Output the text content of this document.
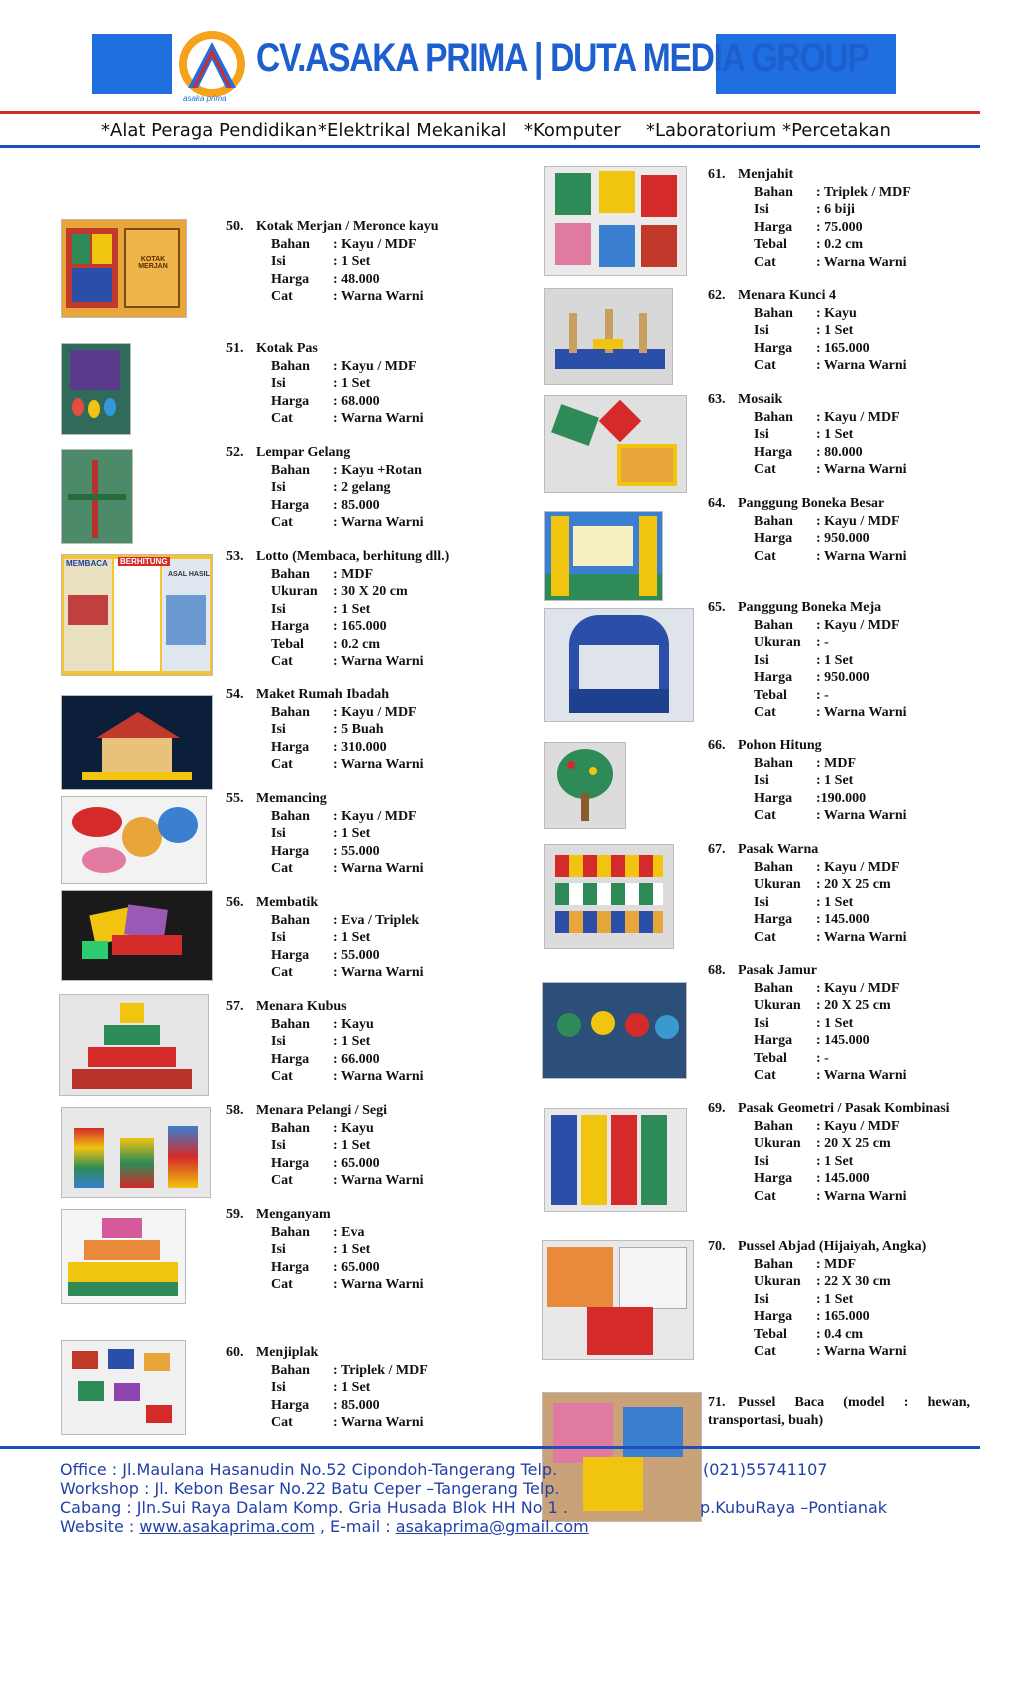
asaka prima
CV.ASAKA PRIMA | DUTA MEDIA GROUP
*Alat Peraga Pendidikan *Elektrikal Mekanikal *Komputer *Laboratorium *Percetakan
KOTAK MERJAN
MEMBACA BERHITUNG
ASAL HASIL
50. Kotak Merjan / Meronce kayu
Bahan	: Kayu / MDF
Isi	: 1 Set
Harga	: 48.000
Cat	: Warna Warni
51. Kotak Pas
Bahan	: Kayu / MDF
Isi	: 1 Set
Harga	: 68.000
Cat	: Warna Warni
52. Lempar Gelang
Bahan	: Kayu +Rotan
Isi	: 2 gelang
Harga	: 85.000
Cat	: Warna Warni
53. Lotto (Membaca, berhitung dll.)
Bahan	: MDF
Ukuran	: 30 X 20 cm
Isi	: 1 Set
Harga	: 165.000
Tebal	: 0.2 cm
Cat	: Warna Warni
54. Maket Rumah Ibadah
Bahan	: Kayu / MDF
Isi	: 5 Buah
Harga	: 310.000
Cat	: Warna Warni
55. Memancing
Bahan	: Kayu / MDF
Isi	: 1 Set
Harga	: 55.000
Cat	: Warna Warni
56. Membatik
Bahan	: Eva / Triplek
Isi	: 1 Set
Harga	: 55.000
Cat	: Warna Warni
57. Menara Kubus
Bahan	: Kayu
Isi	: 1 Set
Harga	: 66.000
Cat	: Warna Warni
58. Menara Pelangi / Segi
Bahan	: Kayu
Isi	: 1 Set
Harga	: 65.000
Cat	: Warna Warni
59. Menganyam
Bahan	: Eva
Isi	: 1 Set
Harga	: 65.000
Cat	: Warna Warni
60. Menjiplak
Bahan	: Triplek / MDF
Isi	: 1 Set
Harga	: 85.000
Cat	: Warna Warni
61. Menjahit
Bahan	: Triplek / MDF
Isi	: 6 biji
Harga	: 75.000
Tebal	: 0.2 cm
Cat	: Warna Warni
62. Menara Kunci 4
Bahan	: Kayu
Isi	: 1 Set
Harga	: 165.000
Cat	: Warna Warni
63. Mosaik
Bahan	: Kayu / MDF
Isi	: 1 Set
Harga	: 80.000
Cat	: Warna Warni
64. Panggung Boneka Besar
Bahan	: Kayu / MDF
Harga	: 950.000
Cat	: Warna Warni
65. Panggung Boneka Meja
Bahan	: Kayu / MDF
Ukuran	: -
Isi	: 1 Set
Harga	: 950.000
Tebal	: -
Cat	: Warna Warni
66. Pohon Hitung
Bahan	: MDF
Isi	: 1 Set
Harga	:190.000
Cat	: Warna Warni
67. Pasak Warna
Bahan	: Kayu / MDF
Ukuran	: 20 X 25 cm
Isi	: 1 Set
Harga	: 145.000
Cat	: Warna Warni
68. Pasak Jamur
Bahan	: Kayu / MDF
Ukuran	: 20 X 25 cm
Isi	: 1 Set
Harga	: 145.000
Tebal	: -
Cat	: Warna Warni
69. Pasak Geometri / Pasak Kombinasi
Bahan	: Kayu / MDF
Ukuran	: 20 X 25 cm
Isi	: 1 Set
Harga	: 145.000
Cat	: Warna Warni
70. Pussel Abjad (Hijaiyah, Angka)
Bahan	: MDF
Ukuran	: 22 X 30 cm
Isi	: 1 Set
Harga	: 165.000
Tebal	: 0.4 cm
Cat	: Warna Warni
71. Pussel Baca (model : hewan, transportasi, buah)
Office : Jl.Maulana Hasanudin No.52 Cipondoh-Tangerang Telp.	(021)55741107
Workshop : Jl. Kebon Besar No.22 Batu Ceper –Tangerang Telp.
Cabang : Jln.Sui Raya Dalam Komp. Gria Husada Blok HH No 1 .	p.KubuRaya –Pontianak
Website : www.asakaprima.com , E-mail : asakaprima@gmail.com
